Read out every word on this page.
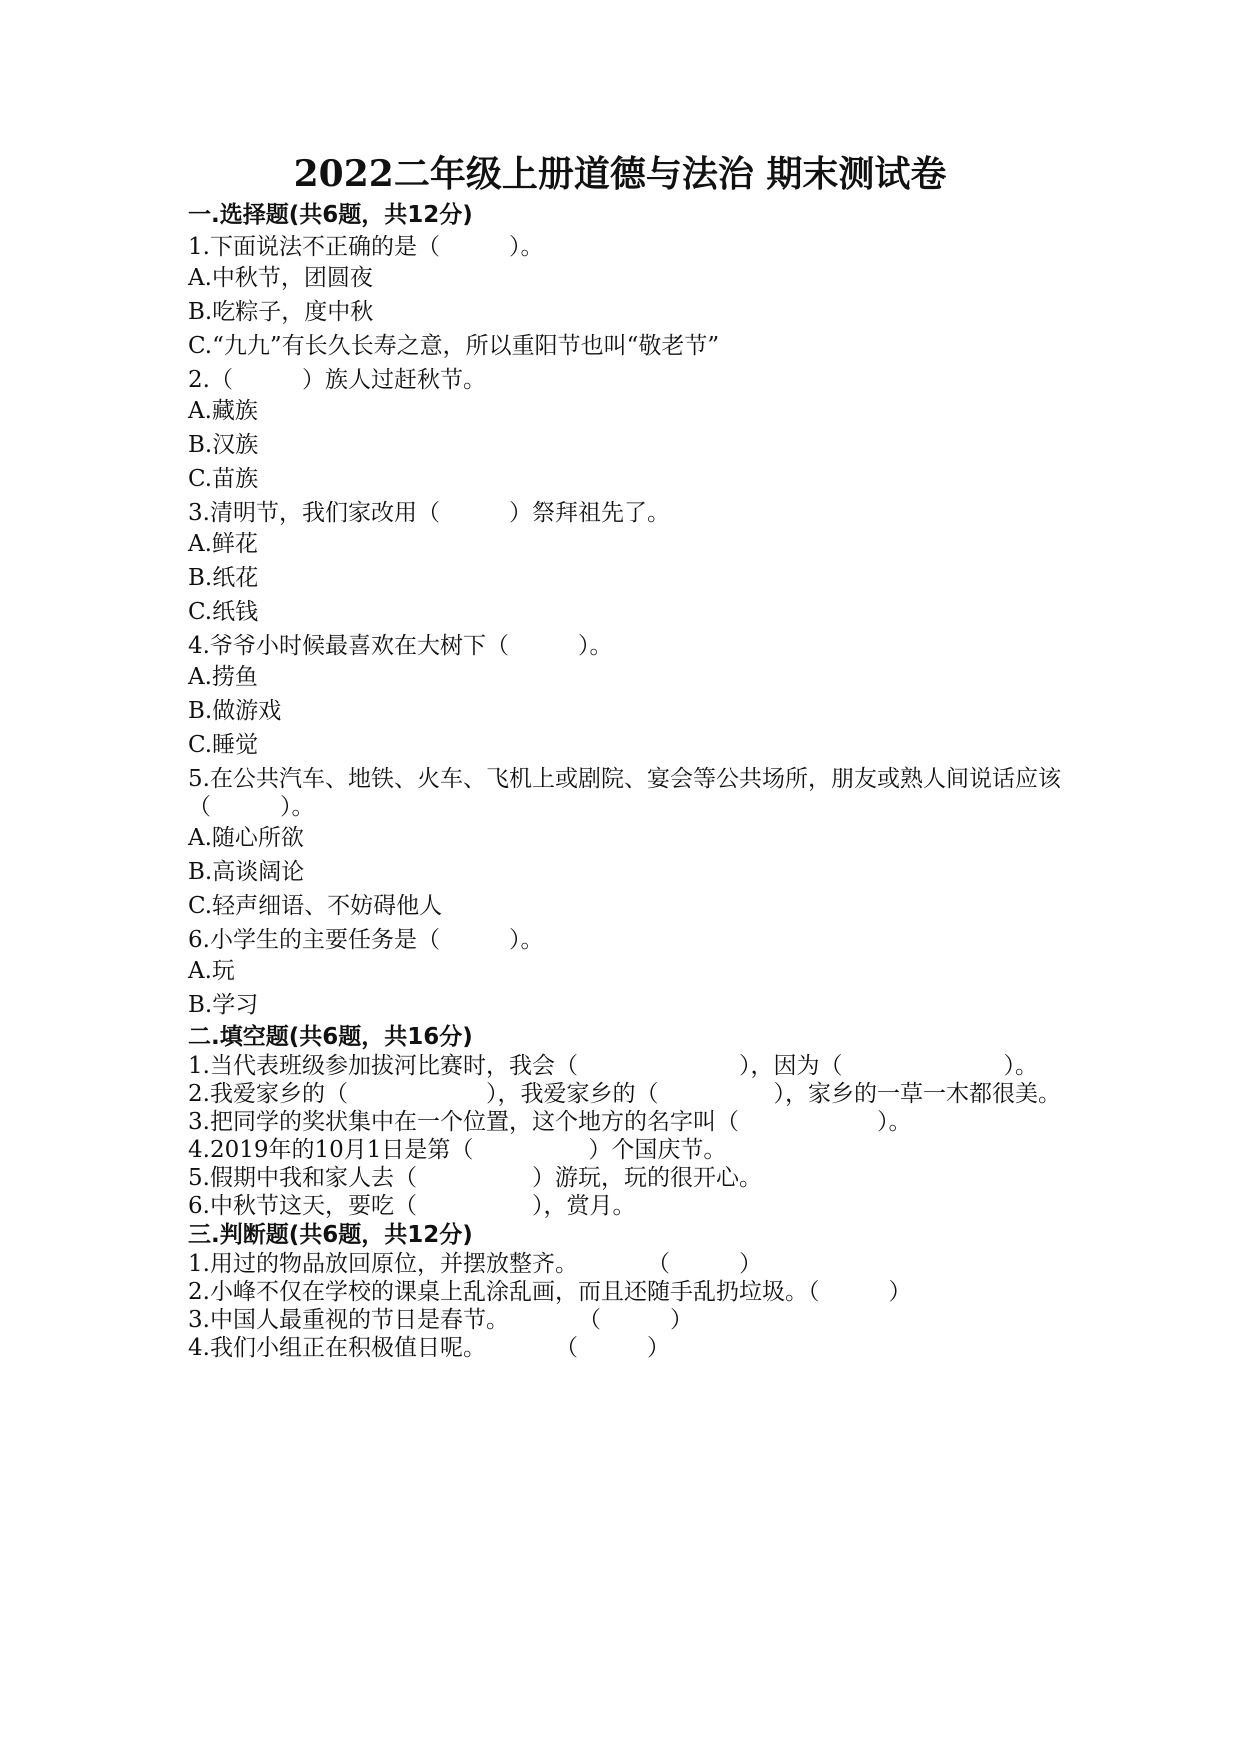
2022二年级上册道德与法治 期末测试卷
一.选择题(共6题，共12分)
1.下面说法不正确的是（　　　）。
A.中秋节，团圆夜
B.吃粽子，度中秋
C.“九九”有长久长寿之意，所以重阳节也叫“敬老节”
2.（　　　）族人过赶秋节。
A.藏族
B.汉族
C.苗族
3.清明节，我们家改用（　　　）祭拜祖先了。
A.鲜花
B.纸花
C.纸钱
4.爷爷小时候最喜欢在大树下（　　　）。
A.捞鱼
B.做游戏
C.睡觉
5.在公共汽车、地铁、火车、飞机上或剧院、宴会等公共场所，朋友或熟人间说话应该（　　　）。
A.随心所欲
B.高谈阔论
C.轻声细语、不妨碍他人
6.小学生的主要任务是（　　　）。
A.玩
B.学习
二.填空题(共6题，共16分)
1.当代表班级参加拔河比赛时，我会（　　　　　　　），因为（　　　　　　　）。
2.我爱家乡的（　　　　　　），我爱家乡的（　　　　　），家乡的一草一木都很美。
3.把同学的奖状集中在一个位置，这个地方的名字叫（　　　　　　）。
4.2019年的10月1日是第（　　　　　）个国庆节。
5.假期中我和家人去（　　　　　）游玩，玩的很开心。
6.中秋节这天，要吃（　　　　　），赏月。
三.判断题(共6题，共12分)
1.用过的物品放回原位，并摆放整齐。　　　　（　　　）
2.小峰不仅在学校的课桌上乱涂乱画，而且还随手乱扔垃圾。（　　　）
3.中国人最重视的节日是春节。　　　　（　　　）
4.我们小组正在积极值日呢。　　　　（　　　）
